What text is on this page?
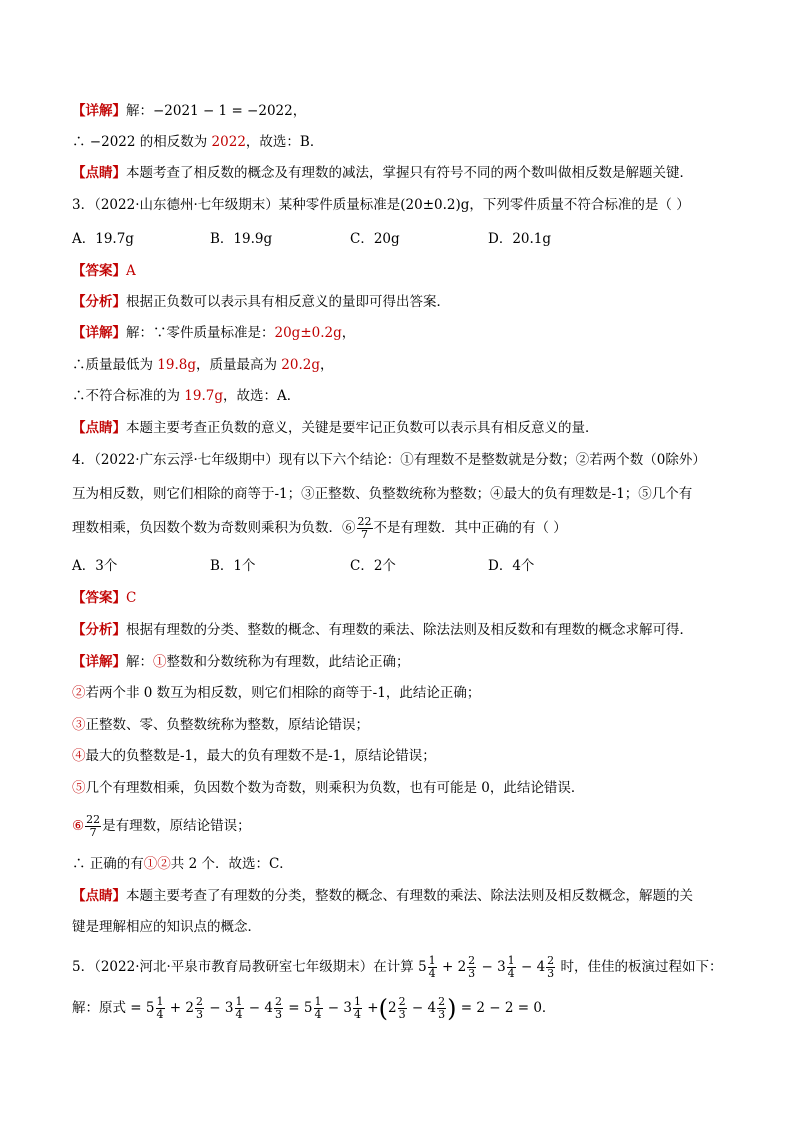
【详解】解：−2021 − 1 = −2022，
∴ −2022 的相反数为 2022，故选：B．
【点睛】本题考查了相反数的概念及有理数的减法，掌握只有符号不同的两个数叫做相反数是解题关键．
3．（2022·山东德州·七年级期末）某种零件质量标准是(20±0.2)g，下列零件质量不符合标准的是（ ）
A．19.7g	B．19.9g	C．20g	D．20.1g
【答案】A
【分析】根据正负数可以表示具有相反意义的量即可得出答案．
【详解】解：∵零件质量标准是：20g±0.2g，
∴质量最低为 19.8g，质量最高为 20.2g，
∴不符合标准的为 19.7g，故选：A．
【点睛】本题主要考查正负数的意义，关键是要牢记正负数可以表示具有相反意义的量．
4．（2022·广东云浮·七年级期中）现有以下六个结论：①有理数不是整数就是分数；②若两个数（0除外）
互为相反数，则它们相除的商等于-1；③正整数、负整数统称为整数；④最大的负有理数是-1；⑤几个有
理数相乘，负因数个数为奇数则乘积为负数．⑥ $\frac{22}{7}$ 不是有理数．其中正确的有（ ）
A．3个	B．1个	C．2个	D．4个
【答案】C
【分析】根据有理数的分类、整数的概念、有理数的乘法、除法法则及相反数和有理数的概念求解可得．
【详解】解：①整数和分数统称为有理数，此结论正确；
②若两个非 0 数互为相反数，则它们相除的商等于-1，此结论正确；
③正整数、零、负整数统称为整数，原结论错误；
④最大的负整数是-1，最大的负有理数不是-1，原结论错误；
⑤几个有理数相乘，负因数个数为奇数，则乘积为负数，也有可能是 0，此结论错误．
⑥ $\frac{22}{7}$ 是有理数，原结论错误；
∴ 正确的有①②共 2 个．故选：C．
【点睛】本题主要考查了有理数的分类，整数的概念、有理数的乘法、除法法则及相反数概念，解题的关
键是理解相应的知识点的概念．
5．（2022·河北·平泉市教育局教研室七年级期末）在计算 $5 \frac{1}{4} + 2 \frac{2}{3} - 3 \frac{1}{4} - 4 \frac{2}{3}$ 时，佳佳的板演过程如下：
解：原式 = $5 \frac{1}{4} + 2 \frac{2}{3} - 3 \frac{1}{4} - 4 \frac{2}{3} = 5 \frac{1}{4} - 3 \frac{1}{4} +(2 \frac{2}{3} - 4 \frac{2}{3}$ ) = 2 − 2 = 0．
